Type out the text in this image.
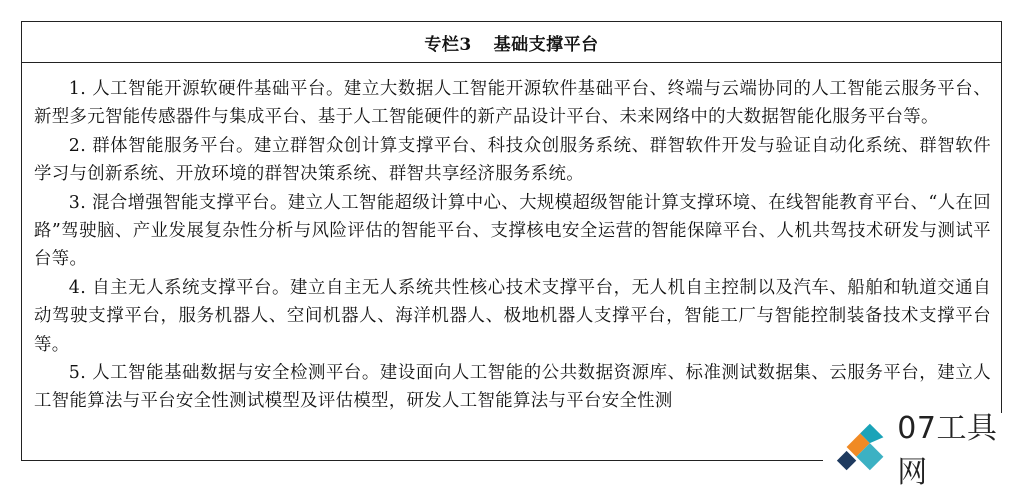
专栏3 基础支撑平台

1. 人工智能开源软硬件基础平台。建立大数据人工智能开源软件基础平台、终端与云端协同的人工智能云服务平台、新型多元智能传感器件与集成平台、基于人工智能硬件的新产品设计平台、未来网络中的大数据智能化服务平台等。

2. 群体智能服务平台。建立群智众创计算支撑平台、科技众创服务系统、群智软件开发与验证自动化系统、群智软件学习与创新系统、开放环境的群智决策系统、群智共享经济服务系统。

3. 混合增强智能支撑平台。建立人工智能超级计算中心、大规模超级智能计算支撑环境、在线智能教育平台、“人在回路”驾驶脑、产业发展复杂性分析与风险评估的智能平台、支撑核电安全运营的智能保障平台、人机共驾技术研发与测试平台等。

4. 自主无人系统支撑平台。建立自主无人系统共性核心技术支撑平台，无人机自主控制以及汽车、船舶和轨道交通自动驾驶支撑平台，服务机器人、空间机器人、海洋机器人、极地机器人支撑平台，智能工厂与智能控制装备技术支撑平台等。

5. 人工智能基础数据与安全检测平台。建设面向人工智能的公共数据资源库、标准测试数据集、云服务平台，建立人工智能算法与平台安全性测试模型及评估模型，研发人工智能算法与平台安全性测

07工具网
